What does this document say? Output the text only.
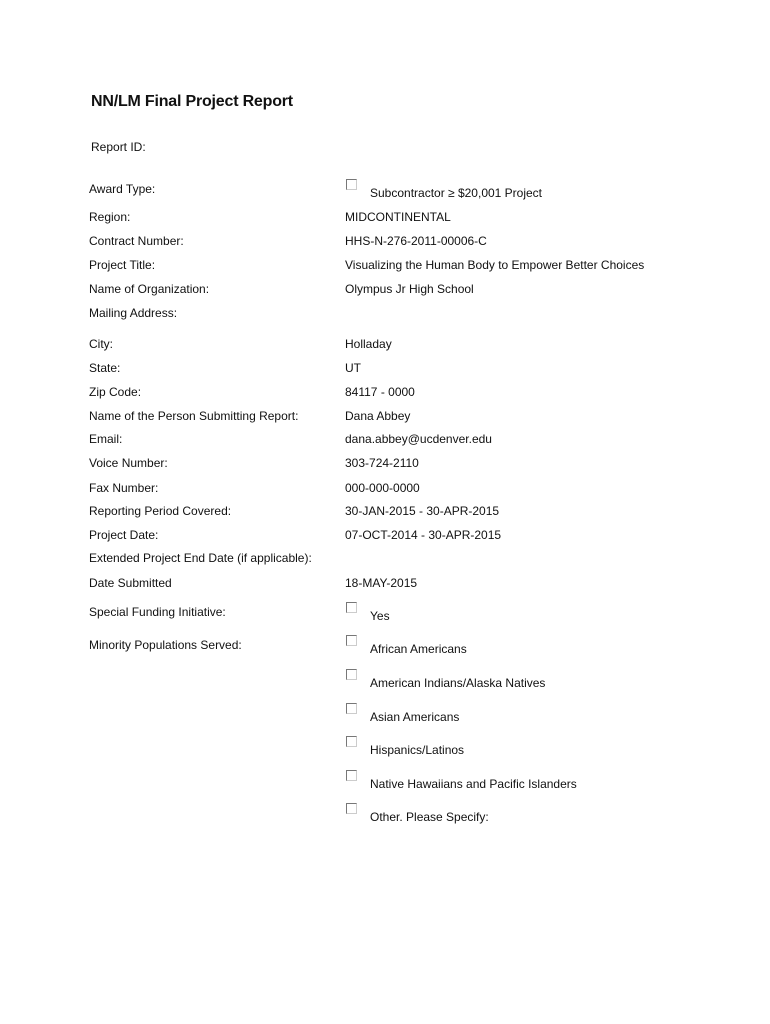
NN/LM Final Project Report
Report ID:
Award Type:	Subcontractor ≥ $20,001 Project
Region:	MIDCONTINENTAL
Contract Number:	HHS-N-276-2011-00006-C
Project Title:	Visualizing the Human Body to Empower Better Choices
Name of Organization:	Olympus Jr High School
Mailing Address:
City:	Holladay
State:	UT
Zip Code:	84117 - 0000
Name of the Person Submitting Report:	Dana Abbey
Email:	dana.abbey@ucdenver.edu
Voice Number:	303-724-2110
Fax Number:	000-000-0000
Reporting Period Covered:	30-JAN-2015 - 30-APR-2015
Project Date:	07-OCT-2014 - 30-APR-2015
Extended Project End Date (if applicable):
Date Submitted	18-MAY-2015
Special Funding Initiative:	Yes
Minority Populations Served:	African Americans
American Indians/Alaska Natives
Asian Americans
Hispanics/Latinos
Native Hawaiians and Pacific Islanders
Other. Please Specify:
